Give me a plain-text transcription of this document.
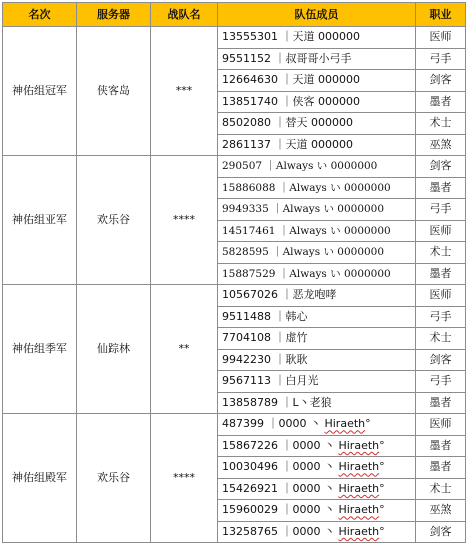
名次	服务器	战队名	队伍成员	职业
神佑组冠军	侠客岛	***	13555301 ｜天道 000000	医师
			9551152 ｜叔哥哥小弓手	弓手
			12664630 ｜天道 000000	剑客
			13851740 ｜侠客 000000	墨者
			8502080 ｜替天 000000	术士
			2861137 ｜天道 000000	巫煞
神佑组亚军	欢乐谷	****	290507 ｜Always い 0000000	剑客
			15886088 ｜Always い 0000000	墨者
			9949335 ｜Always い 0000000	弓手
			14517461 ｜Always い 0000000	医师
			5828595 ｜Always い 0000000	术士
			15887529 ｜Always い 0000000	墨者
神佑组季军	仙踪林	**	10567026 ｜恶龙咆哮	医师
			9511488 ｜韩心	弓手
			7704108 ｜虚竹	术士
			9942230 ｜耿耿	剑客
			9567113 ｜白月光	弓手
			13858789 ｜L丶老狼	墨者
神佑组殿军	欢乐谷	****	487399 ｜0000 丶 Hiraeth°	医师
			15867226 ｜0000 丶 Hiraeth°	墨者
			10030496 ｜0000 丶 Hiraeth°	墨者
			15426921 ｜0000 丶 Hiraeth°	术士
			15960029 ｜0000 丶 Hiraeth°	巫煞
			13258765 ｜0000 丶 Hiraeth°	剑客
